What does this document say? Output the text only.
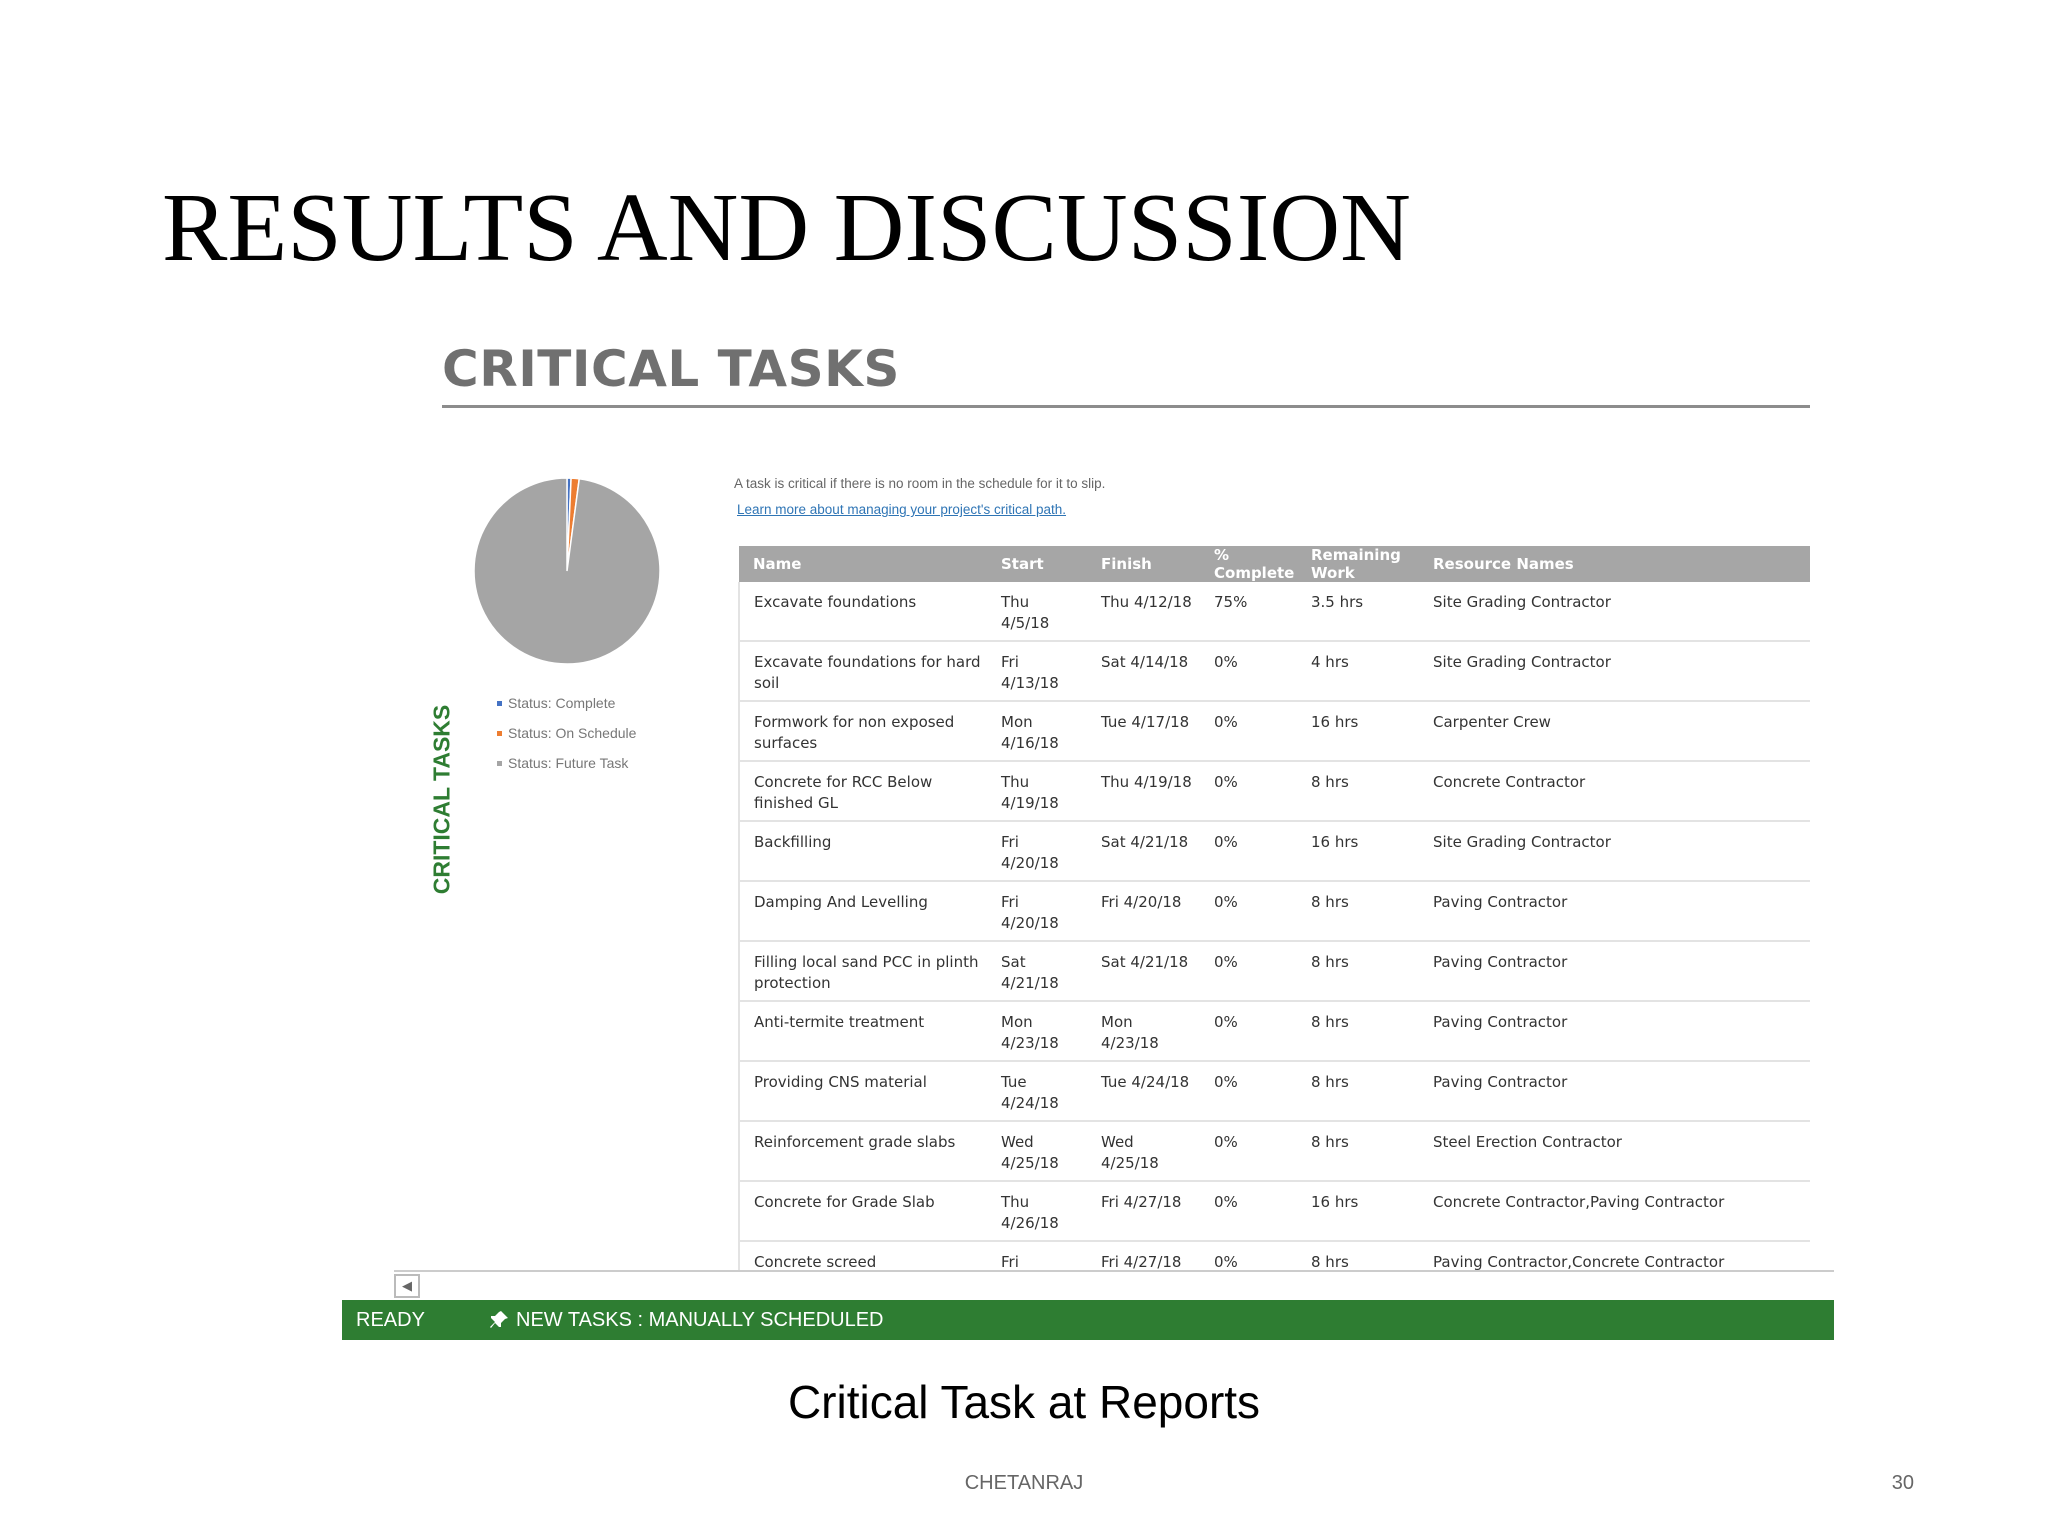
RESULTS AND DISCUSSION
CRITICAL TASKS
CRITICAL TASKS
Status: Complete
Status: On Schedule
Status: Future Task
A task is critical if there is no room in the schedule for it to slip.
Learn more about managing your project's critical path.
Name	Start	Finish	% Complete	Remaining Work	Resource Names
Excavate foundations	Thu 4/5/18	Thu 4/12/18	75%	3.5 hrs	Site Grading Contractor
Excavate foundations for hard soil	Fri 4/13/18	Sat 4/14/18	0%	4 hrs	Site Grading Contractor
Formwork for non exposed surfaces	Mon 4/16/18	Tue 4/17/18	0%	16 hrs	Carpenter Crew
Concrete for RCC Below finished GL	Thu 4/19/18	Thu 4/19/18	0%	8 hrs	Concrete Contractor
Backfilling	Fri 4/20/18	Sat 4/21/18	0%	16 hrs	Site Grading Contractor
Damping And Levelling	Fri 4/20/18	Fri 4/20/18	0%	8 hrs	Paving Contractor
Filling local sand PCC in plinth protection	Sat 4/21/18	Sat 4/21/18	0%	8 hrs	Paving Contractor
Anti-termite treatment	Mon 4/23/18	Mon 4/23/18	0%	8 hrs	Paving Contractor
Providing CNS material	Tue 4/24/18	Tue 4/24/18	0%	8 hrs	Paving Contractor
Reinforcement grade slabs	Wed 4/25/18	Wed 4/25/18	0%	8 hrs	Steel Erection Contractor
Concrete for Grade Slab	Thu 4/26/18	Fri 4/27/18	0%	16 hrs	Concrete Contractor,Paving Contractor
Concrete screed	Fri	Fri 4/27/18	0%	8 hrs	Paving Contractor,Concrete Contractor

◀
READY	NEW TASKS : MANUALLY SCHEDULED
Critical Task at Reports
CHETANRAJ	30
